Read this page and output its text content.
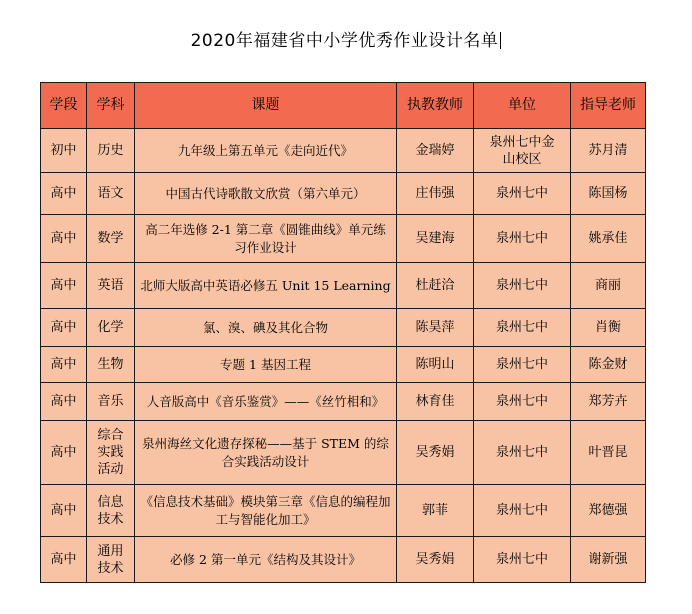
2020年福建省中小学优秀作业设计名单
学段	学科	课题	执教教师	单位	指导老师
初中	历史	九年级上第五单元《走向近代》	金瑞婷	泉州七中金山校区	苏月清
高中	语文	中国古代诗歌散文欣赏（第六单元）	庄伟强	泉州七中	陈国杨
高中	数学	高二年选修 2-1 第二章《圆锥曲线》单元练习作业设计	吴建海	泉州七中	姚承佳
高中	英语	北师大版高中英语必修五 Unit 15 Learning	杜赶洽	泉州七中	商丽
高中	化学	氯、溴、碘及其化合物	陈昊萍	泉州七中	肖衡
高中	生物	专题 1 基因工程	陈明山	泉州七中	陈金财
高中	音乐	人音版高中《音乐鉴赏》——《丝竹相和》	林育佳	泉州七中	郑芳卉
高中	综合实践活动	泉州海丝文化遗存探秘——基于 STEM 的综合实践活动设计	吴秀娟	泉州七中	叶晋昆
高中	信息技术	《信息技术基础》模块第三章《信息的编程加工与智能化加工》	郭菲	泉州七中	郑德强
高中	通用技术	必修 2 第一单元《结构及其设计》	吴秀娟	泉州七中	谢新强
